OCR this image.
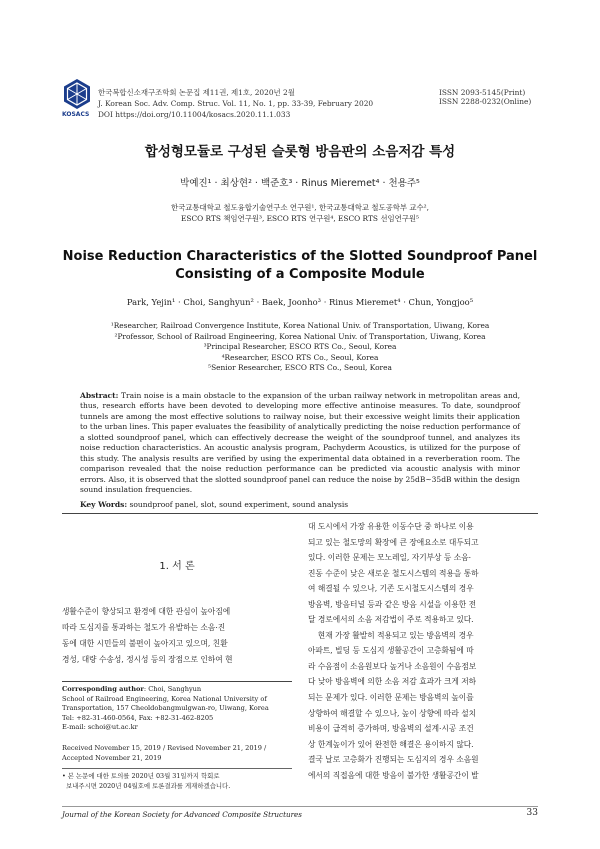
KOSACS
한국복합신소재구조학회 논문집 제11권, 제1호, 2020년 2월
J. Korean Soc. Adv. Comp. Struc. Vol. 11, No. 1, pp. 33-39, February 2020
DOI https://doi.org/10.11004/kosacs.2020.11.1.033
ISSN 2093-5145(Print)
ISSN 2288-0232(Online)
합성형모듈로 구성된 슬롯형 방음판의 소음저감 특성
박예진¹ · 최상현² · 백준호³ · Rinus Mieremet⁴ · 천용주⁵
한국교통대학교 철도융합기술연구소 연구원¹, 한국교통대학교 철도공학부 교수²,
ESCO RTS 책임연구원³, ESCO RTS 연구원⁴, ESCO RTS 선임연구원⁵
Noise Reduction Characteristics of the Slotted Soundproof Panel
Consisting of a Composite Module
Park, Yejin¹ · Choi, Sanghyun² · Baek, Joonho³ · Rinus Mieremet⁴ · Chun, Yongjoo⁵
¹Researcher, Railroad Convergence Institute, Korea National Univ. of Transportation, Uiwang, Korea
²Professor, School of Railroad Engineering, Korea National Univ. of Transportation, Uiwang, Korea
³Principal Researcher, ESCO RTS Co., Seoul, Korea
⁴Researcher, ESCO RTS Co., Seoul, Korea
⁵Senior Researcher, ESCO RTS Co., Seoul, Korea
Abstract: Train noise is a main obstacle to the expansion of the urban railway network in metropolitan areas and, thus, research efforts have been devoted to developing more effective antinoise measures. To date, soundproof tunnels are among the most effective solutions to railway noise, but their excessive weight limits their application to the urban lines. This paper evaluates the feasibility of analytically predicting the noise reduction performance of a slotted soundproof panel, which can effectively decrease the weight of the soundproof tunnel, and analyzes its noise reduction characteristics. An acoustic analysis program, Pachyderm Acoustics, is utilized for the purpose of this study. The analysis results are verified by using the experimental data obtained in a reverberation room. The comparison revealed that the noise reduction performance can be predicted via acoustic analysis with minor errors. Also, it is observed that the slotted soundproof panel can reduce the noise by 25dB~35dB within the design sound insulation frequencies.
Key Words: soundproof panel, slot, sound experiment, sound analysis
1. 서 론
생활수준이 향상되고 환경에 대한 관심이 높아짐에
따라 도심지를 통과하는 철도가 유발하는 소음·진
동에 대한 시민들의 불편이 높아지고 있으며, 친환
경성, 대량 수송성, 정시성 등의 장점으로 인하여 현
Corresponding author: Choi, Sanghyun
School of Railroad Engineering, Korea National University of
Transportation, 157 Cheoldobangmulgwan-ro, Uiwang, Korea
Tel: +82-31-460-0564, Fax: +82-31-462-8205
E-mail: schoi@ut.ac.kr
Received November 15, 2019 / Revised November 21, 2019 /
Accepted November 21, 2019
• 본 논문에 대한 토의를 2020년 03월 31일까지 학회로
보내주시면 2020년 04월호에 토론결과를 게재하겠습니다.
대 도시에서 가장 유용한 이동수단 중 하나로 이용
되고 있는 철도망의 확장에 큰 장애요소로 대두되고
있다. 이러한 문제는 모노레일, 자기부상 등 소음·
진동 수준이 낮은 새로운 철도시스템의 적용을 통하
여 해결될 수 있으나, 기존 도시철도시스템의 경우
방음벽, 방음터널 등과 같은 방음 시설을 이용한 전
달 경로에서의 소음 저감법이 주로 적용하고 있다.
현재 가장 활발히 적용되고 있는 방음벽의 경우
아파트, 빌딩 등 도심지 생활공간이 고층화됨에 따
라 수음점이 소음원보다 높거나 소음원이 수음점보
다 낮아 방음벽에 의한 소음 저감 효과가 크게 저하
되는 문제가 있다. 이러한 문제는 방음벽의 높이를
상향하여 해결할 수 있으나, 높이 상향에 따라 설치
비용이 급격히 증가하며, 방음벽의 설계·시공 조건
상 한계높이가 있어 완전한 해결은 용이하지 않다.
결국 날로 고층화가 진행되는 도심지의 경우 소음원
에서의 직접음에 대한 방음이 불가한 생활공간이 발
Journal of the Korean Society for Advanced Composite Structures	33
